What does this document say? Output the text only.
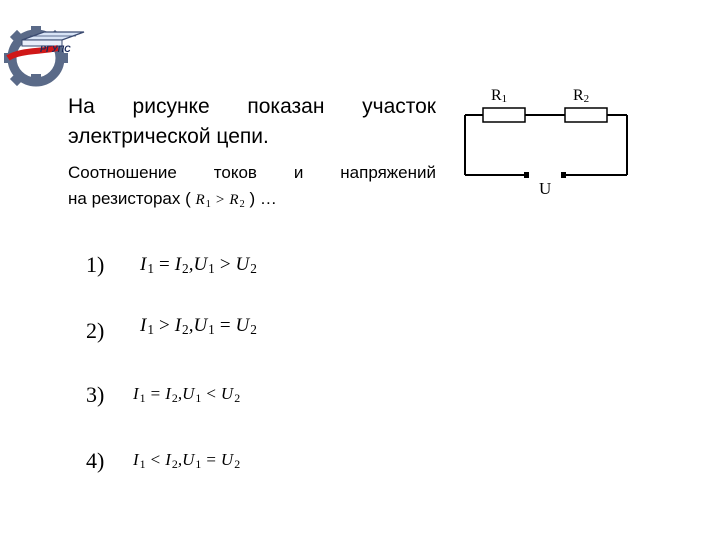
РГУПС
На рисунке показан участок
электрической цепи.
Соотношение токов и напряжений
на резисторах ( $R_1 > R_2$ ) …
R1	R2
U
1)	$I_1 = I_2,U_1 > U_2$
2)	$I_1 > I_2,U_1 = U_2$
3)	$I_1 = I_2,U_1 < U_2$
4)	$I_1 < I_2,U_1 = U_2$
